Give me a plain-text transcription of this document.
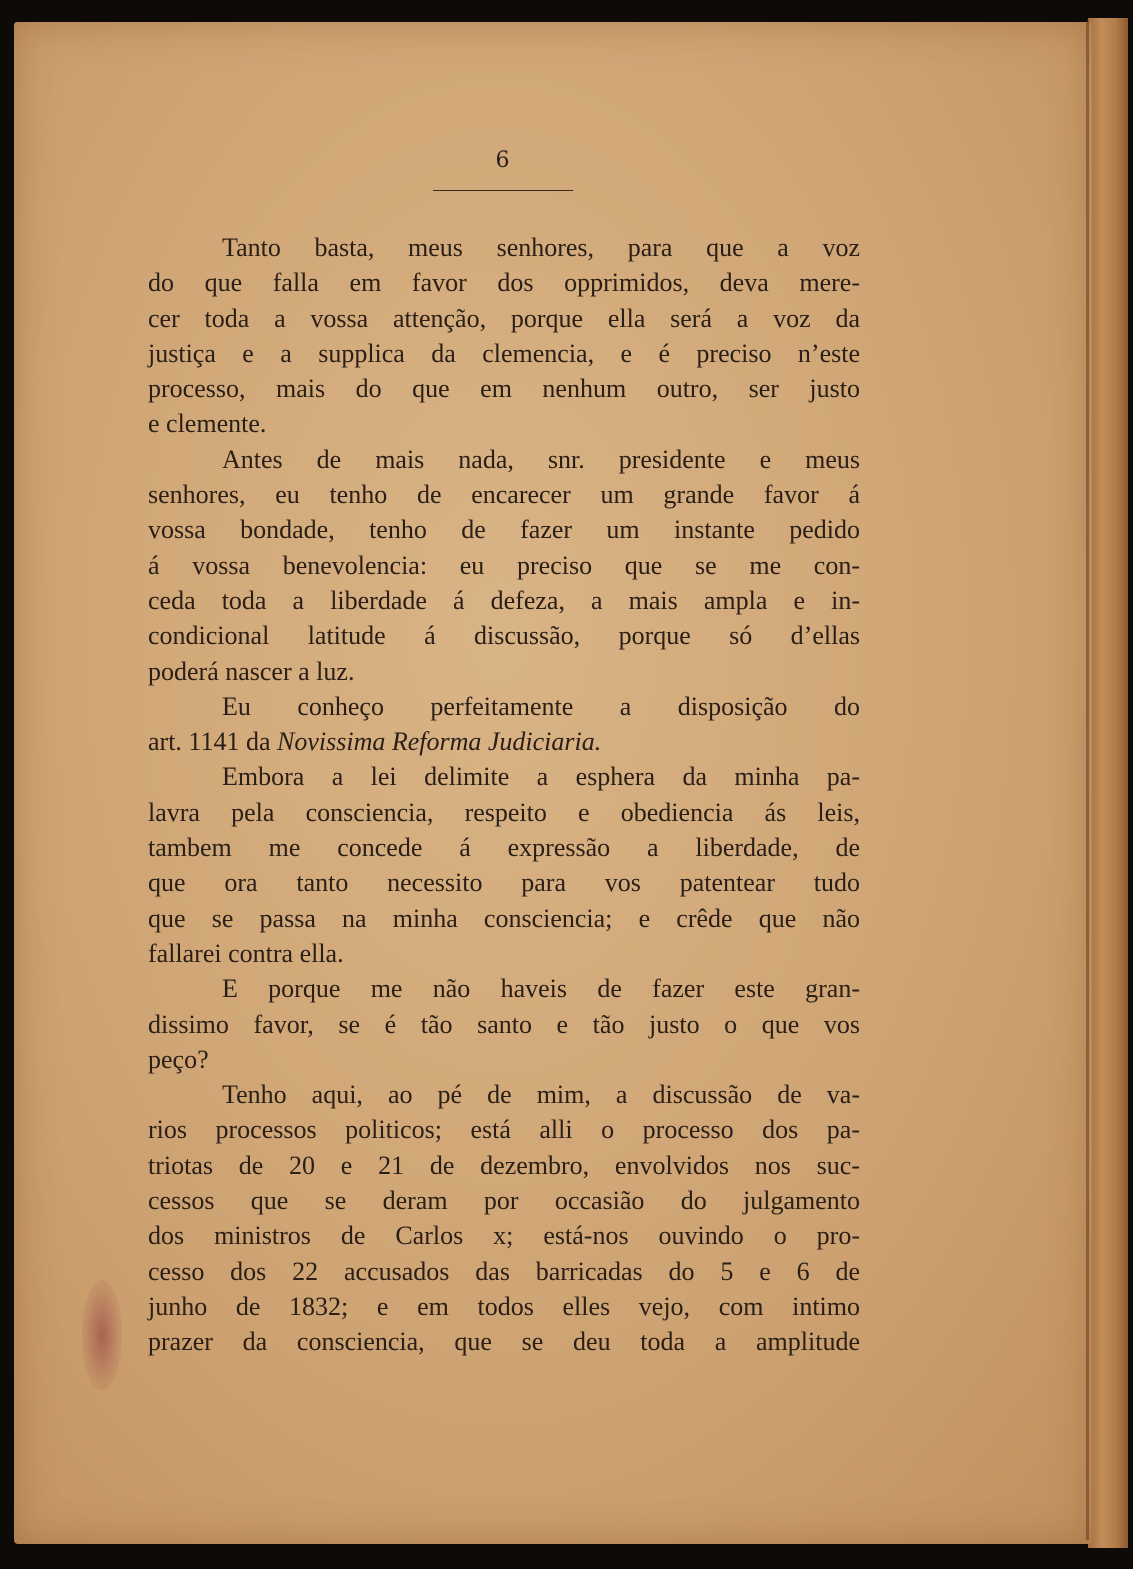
6
Tanto basta, meus senhores, para que a voz
do que falla em favor dos opprimidos, deva mere-
cer toda a vossa attenção, porque ella será a voz da
justiça e a supplica da clemencia, e é preciso n’este
processo, mais do que em nenhum outro, ser justo
e clemente.
Antes de mais nada, snr. presidente e meus
senhores, eu tenho de encarecer um grande favor á
vossa bondade, tenho de fazer um instante pedido
á vossa benevolencia: eu preciso que se me con-
ceda toda a liberdade á defeza, a mais ampla e in-
condicional latitude á discussão, porque só d’ellas
poderá nascer a luz.
Eu conheço perfeitamente a disposição do
art. 1141 da Novissima Reforma Judiciaria.
Embora a lei delimite a esphera da minha pa-
lavra pela consciencia, respeito e obediencia ás leis,
tambem me concede á expressão a liberdade, de
que ora tanto necessito para vos patentear tudo
que se passa na minha consciencia; e crêde que não
fallarei contra ella.
E porque me não haveis de fazer este gran-
dissimo favor, se é tão santo e tão justo o que vos
peço?
Tenho aqui, ao pé de mim, a discussão de va-
rios processos politicos; está alli o processo dos pa-
triotas de 20 e 21 de dezembro, envolvidos nos suc-
cessos que se deram por occasião do julgamento
dos ministros de Carlos x; está-nos ouvindo o pro-
cesso dos 22 accusados das barricadas do 5 e 6 de
junho de 1832; e em todos elles vejo, com intimo
prazer da consciencia, que se deu toda a amplitude
